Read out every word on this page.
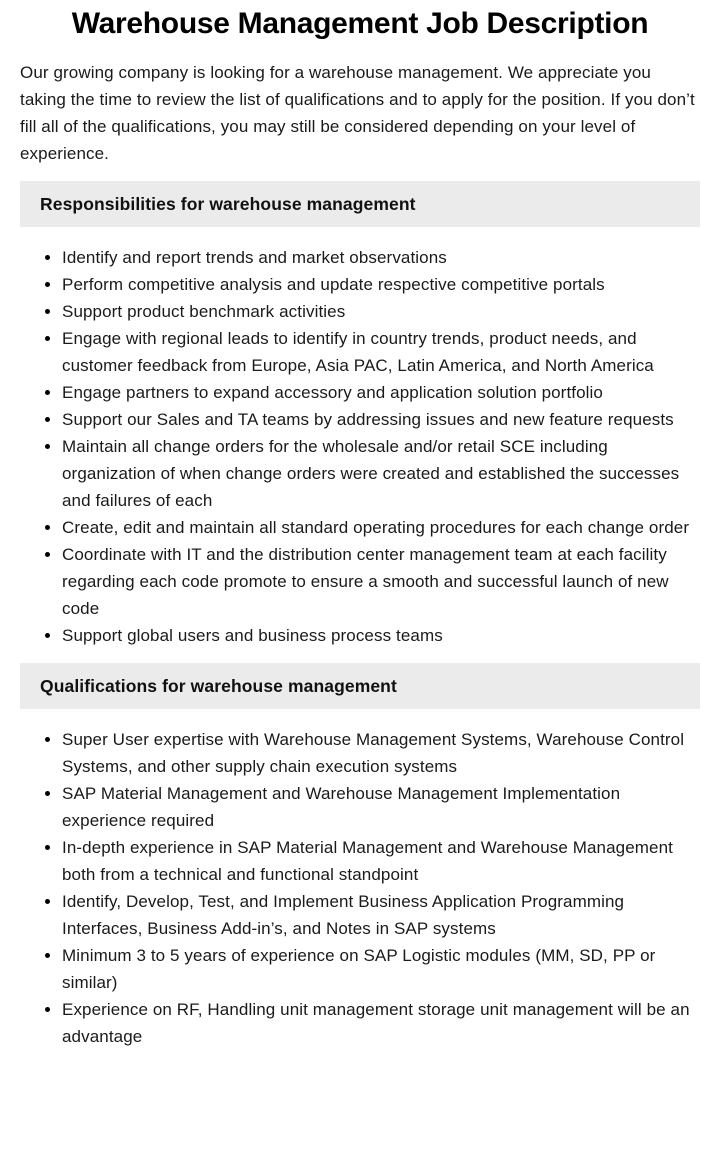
Warehouse Management Job Description

Our growing company is looking for a warehouse management. We appreciate you taking the time to review the list of qualifications and to apply for the position. If you don’t fill all of the qualifications, you may still be considered depending on your level of experience.

Responsibilities for warehouse management
Identify and report trends and market observations
Perform competitive analysis and update respective competitive portals
Support product benchmark activities
Engage with regional leads to identify in country trends, product needs, and customer feedback from Europe, Asia PAC, Latin America, and North America
Engage partners to expand accessory and application solution portfolio
Support our Sales and TA teams by addressing issues and new feature requests
Maintain all change orders for the wholesale and/or retail SCE including organization of when change orders were created and established the successes and failures of each
Create, edit and maintain all standard operating procedures for each change order
Coordinate with IT and the distribution center management team at each facility regarding each code promote to ensure a smooth and successful launch of new code
Support global users and business process teams
Qualifications for warehouse management
Super User expertise with Warehouse Management Systems, Warehouse Control Systems, and other supply chain execution systems
SAP Material Management and Warehouse Management Implementation experience required
In-depth experience in SAP Material Management and Warehouse Management both from a technical and functional standpoint
Identify, Develop, Test, and Implement Business Application Programming Interfaces, Business Add-in’s, and Notes in SAP systems
Minimum 3 to 5 years of experience on SAP Logistic modules (MM, SD, PP or similar)
Experience on RF, Handling unit management storage unit management will be an advantage
